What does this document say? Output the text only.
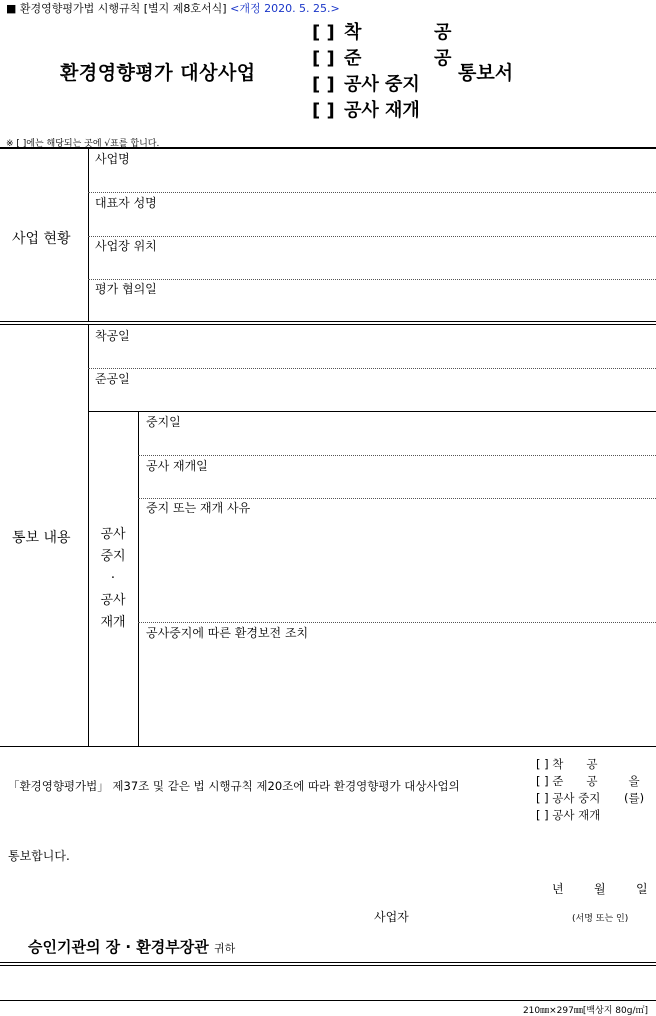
■ 환경영향평가법 시행규칙 [별지 제8호서식] <개정 2020. 5. 25.>
환경영향평가 대상사업
[ ] 착	공
[ ] 준	공
[ ] 공사 중지
[ ] 공사 재개
통보서
※ [ ]에는 해당되는 곳에 √표를 합니다.
사업 현황
사업명
대표자 성명
사업장 위치
평가 협의일
통보 내용
착공일
준공일
공사
중지
·
공사
재개
중지일
공사 재개일
중지 또는 재개 사유
공사중지에 따른 환경보전 조치
「환경영향평가법」 제37조 및 같은 법 시행규칙 제20조에 따라 환경영향평가 대상사업의
[ ] 착　　공
[ ] 준　　공
[ ] 공사 중지
[ ] 공사 재개
을
(를)
통보합니다.
년	월	일
사업자	(서명 또는 인)
승인기관의 장 · 환경부장관 귀하
210㎜×297㎜[백상지 80g/㎡]
